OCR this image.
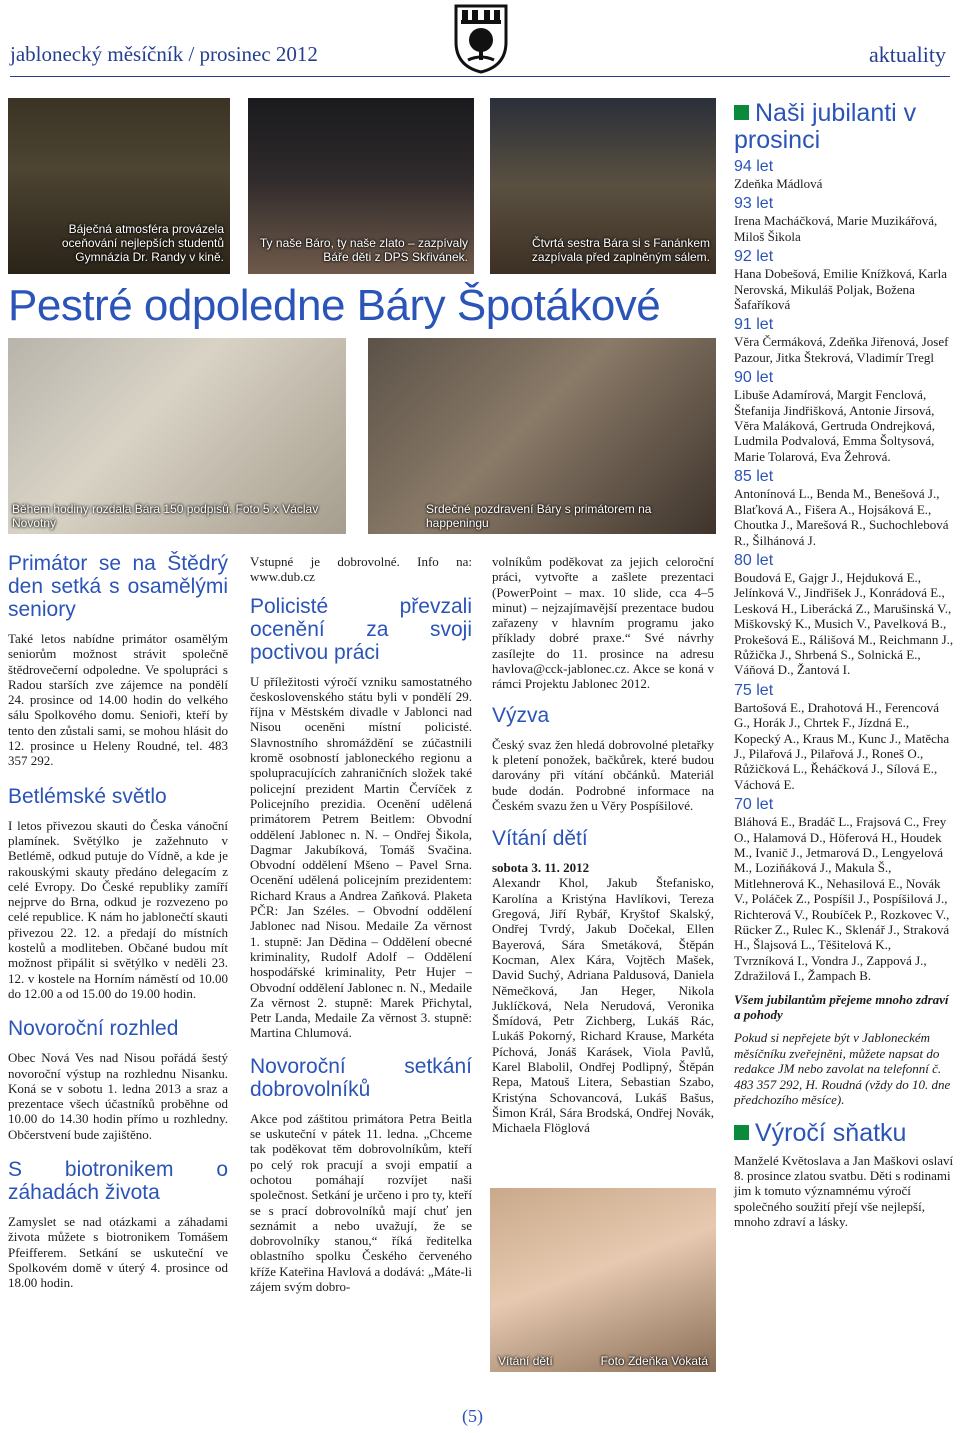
jablonecký měsíčník / prosinec 2012	aktuality
Báječná atmosféra provázela oceňování nejlepších studentů Gymnázia Dr. Randy v kině.
Ty naše Báro, ty naše zlato – zazpívaly Báře děti z DPS Skřivánek.
Čtvrtá sestra Bára si s Fanánkem zazpívala před zaplněným sálem.
Pestré odpoledne Báry Špotákové
Během hodiny rozdala Bára 150 podpisů. Foto 5 x Václav Novotný
Srdečné pozdravení Báry s primátorem na happeningu
Primátor se na Štědrý den setká s osamělými seniory

Také letos nabídne primátor osamělým seniorům možnost strávit společně štědrovečerní odpoledne. Ve spolupráci s Radou starších zve zájemce na pondělí 24. prosince od 14.00 hodin do velkého sálu Spolkového domu. Senioři, kteří by tento den zůstali sami, se mohou hlásit do 12. prosince u Heleny Roudné, tel. 483 357 292.

Betlémské světlo

I letos přivezou skauti do Česka vánoční plamínek. Světýlko je zažehnuto v Betlémě, odkud putuje do Vídně, a kde je rakouskými skauty předáno delegacím z celé Evropy. Do České republiky zamíří nejprve do Brna, odkud je rozvezeno po celé republice. K nám ho jablonečtí skauti přivezou 22. 12. a předají do místních kostelů a modliteben. Občané budou mít možnost připálit si světýlko v neděli 23. 12. v kostele na Horním náměstí od 10.00 do 12.00 a od 15.00 do 19.00 hodin.

Novoroční rozhled

Obec Nová Ves nad Nisou pořádá šestý novoroční výstup na rozhlednu Nisanku. Koná se v sobotu 1. ledna 2013 a sraz a prezentace všech účastníků proběhne od 10.00 do 14.30 hodin přímo u rozhledny. Občerstvení bude zajištěno.

S biotronikem o záhadách života

Zamyslet se nad otázkami a záhadami života můžete s biotronikem Tomášem Pfeifferem. Setkání se uskuteční ve Spolkovém domě v úterý 4. prosince od 18.00 hodin.

Vstupné je dobrovolné. Info na: www.dub.cz

Policisté převzali ocenění za svoji poctivou práci

U příležitosti výročí vzniku samostatného československého státu byli v pondělí 29. října v Městském divadle v Jablonci nad Nisou oceněni místní policisté. Slavnostního shromáždění se zúčastnili kromě osobností jabloneckého regionu a spolupracujících zahraničních složek také policejní prezident Martin Červíček z Policejního prezidia. Ocenění udělená primátorem Petrem Beitlem: Obvodní oddělení Jablonec n. N. – Ondřej Šikola, Dagmar Jakubíková, Tomáš Svačina. Obvodní oddělení Mšeno – Pavel Srna. Ocenění udělená policejním prezidentem: Richard Kraus a Andrea Zaňková. Plaketa PČR: Jan Széles. – Obvodní oddělení Jablonec nad Nisou. Medaile Za věrnost 1. stupně: Jan Dědina – Oddělení obecné kriminality, Rudolf Adolf – Oddělení hospodářské kriminality, Petr Hujer – Obvodní oddělení Jablonec n. N., Medaile Za věrnost 2. stupně: Marek Přichytal, Petr Landa, Medaile Za věrnost 3. stupně: Martina Chlumová.

Novoroční setkání dobrovolníků

Akce pod záštitou primátora Petra Beitla se uskuteční v pátek 11. ledna. „Chceme tak poděkovat těm dobrovolníkům, kteří po celý rok pracují a svoji empatií a ochotou pomáhají rozvíjet naši společnost. Setkání je určeno i pro ty, kteří se s prací dobrovolníků mají chuť jen seznámit a nebo uvažují, že se dobrovolníky stanou,“ říká ředitelka oblastního spolku Českého červeného kříže Kateřina Havlová a dodává: „Máte-li zájem svým dobro-

volníkům poděkovat za jejich celoroční práci, vytvořte a zašlete prezentaci (PowerPoint – max. 10 slide, cca 4–5 minut) – nejzajímavější prezentace budou zařazeny v hlavním programu jako příklady dobré praxe.“ Své návrhy zasílejte do 11. prosince na adresu havlova@cck-jablonec.cz. Akce se koná v rámci Projektu Jablonec 2012.

Výzva

Český svaz žen hledá dobrovolné pletařky k pletení ponožek, bačkůrek, které budou darovány při vítání občánků. Materiál bude dodán. Podrobné informace na Českém svazu žen u Věry Pospíšilové.

Vítání dětí

sobota 3. 11. 2012

Alexandr Khol, Jakub Štefanisko, Karolína a Kristýna Havlíkovi, Tereza Gregová, Jiří Rybář, Kryštof Skalský, Ondřej Tvrdý, Jakub Dočekal, Ellen Bayerová, Sára Smetáková, Štěpán Kocman, Alex Kára, Vojtěch Mašek, David Suchý, Adriana Paldusová, Daniela Němečková, Jan Heger, Nikola Juklíčková, Nela Nerudová, Veronika Šmídová, Petr Zichberg, Lukáš Rác, Lukáš Pokorný, Richard Krause, Markéta Píchová, Jonáš Karásek, Viola Pavlů, Karel Blabolil, Ondřej Podlipný, Štěpán Repa, Matouš Litera, Sebastian Szabo, Kristýna Schovancová, Lukáš Bašus, Šimon Král, Sára Brodská, Ondřej Novák, Michaela Flöglová

Vítání dětí	Foto Zdeňka Vokatá
Naši jubilanti v prosinci
94 let
Zdeňka Mádlová
93 let
Irena Macháčková, Marie Muzikářová, Miloš Šikola
92 let
Hana Dobešová, Emilie Knížková, Karla Nerovská, Mikuláš Poljak, Božena Šafaříková
91 let
Věra Čermáková, Zdeňka Jiřenová, Josef Pazour, Jitka Štekrová, Vladimír Tregl
90 let
Libuše Adamírová, Margit Fenclová, Štefanija Jindřišková, Antonie Jirsová, Věra Maláková, Gertruda Ondrejková, Ludmila Podvalová, Emma Šoltysová, Marie Tolarová, Eva Žehrová.
85 let
Antonínová L., Benda M., Benešová J., Blaťková A., Fišera A., Hojsáková E., Choutka J., Marešová R., Suchochlebová R., Šilhánová J.
80 let
Boudová E, Gajgr J., Hejduková E., Jelínková V., Jindřišek J., Konrádová E., Lesková H., Liberácká Z., Marušinská V., Miškovský K., Musich V., Pavelková B., Prokešová E., Rálišová M., Reichmann J., Růžička J., Shrbená S., Solnická E., Váňová D., Žantová I.
75 let
Bartošová E., Drahotová H., Ferencová G., Horák J., Chrtek F., Jízdná E., Kopecký A., Kraus M., Kunc J., Matěcha J., Pilařová J., Pilařová J., Roneš O., Růžičková L., Řeháčková J., Sílová E., Váchová E.
70 let
Bláhová E., Bradáč L., Frajsová C., Frey O., Halamová D., Höferová H., Houdek M., Ivanič J., Jetmarová D., Lengyelová M., Loziňáková J., Makula Š., Mitlehnerová K., Nehasilová E., Novák V., Poláček Z., Pospíšil J., Pospíšilová J., Richterová V., Roubíček P., Rozkovec V., Rücker Z., Rulec K., Sklenář J., Straková H., Šlajsová L., Těšitelová K., Tvrzníková I., Vondra J., Zappová J., Zdražilová I., Žampach B.
Všem jubilantům přejeme mnoho zdraví a pohody
Pokud si nepřejete být v Jabloneckém měsíčníku zveřejněni, můžete napsat do redakce JM nebo zavolat na telefonní č. 483 357 292, H. Roudná (vždy do 10. dne předchozího měsíce).
Výročí sňatku
Manželé Květoslava a Jan Maškovi oslaví 8. prosince zlatou svatbu. Děti s rodinami jim k tomuto významnému výročí společného soužití přejí vše nejlepší, mnoho zdraví a lásky.
(5)
